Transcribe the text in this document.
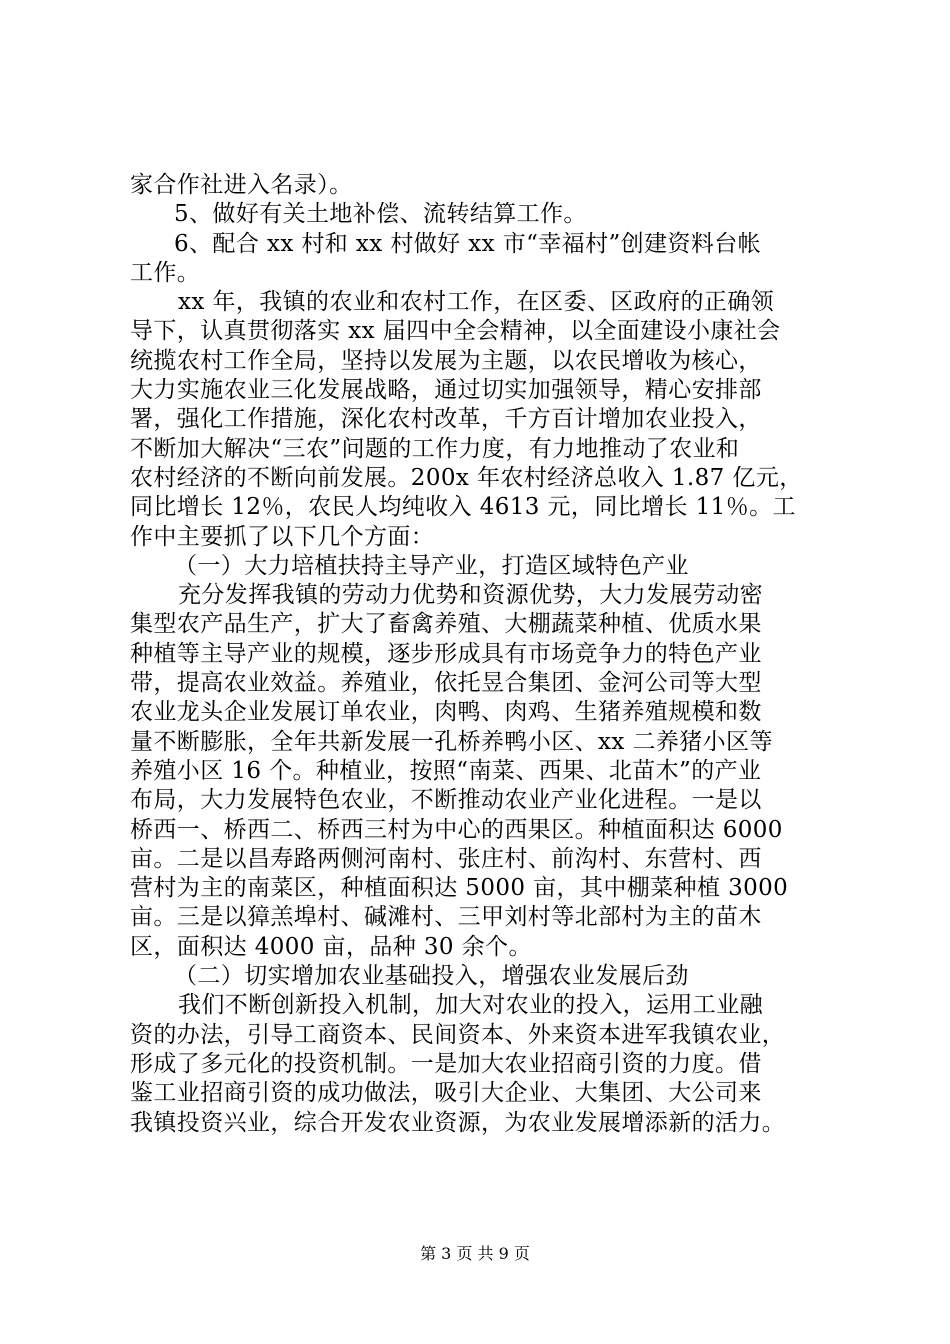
家合作社进入名录）。
5、做好有关土地补偿、流转结算工作。
6、配合 xx 村和 xx 村做好 xx 市“幸福村”创建资料台帐
工作。
xx 年，我镇的农业和农村工作，在区委、区政府的正确领
导下，认真贯彻落实 xx 届四中全会精神，以全面建设小康社会
统揽农村工作全局，坚持以发展为主题，以农民增收为核心，
大力实施农业三化发展战略，通过切实加强领导，精心安排部
署，强化工作措施，深化农村改革，千方百计增加农业投入，
不断加大解决“三农”问题的工作力度，有力地推动了农业和
农村经济的不断向前发展。200x 年农村经济总收入 1.87 亿元，
同比增长 12％，农民人均纯收入 4613 元，同比增长 11％。工
作中主要抓了以下几个方面：
（一）大力培植扶持主导产业，打造区域特色产业
充分发挥我镇的劳动力优势和资源优势，大力发展劳动密
集型农产品生产，扩大了畜禽养殖、大棚蔬菜种植、优质水果
种植等主导产业的规模，逐步形成具有市场竞争力的特色产业
带，提高农业效益。养殖业，依托昱合集团、金河公司等大型
农业龙头企业发展订单农业，肉鸭、肉鸡、生猪养殖规模和数
量不断膨胀，全年共新发展一孔桥养鸭小区、xx 二养猪小区等
养殖小区 16 个。种植业，按照“南菜、西果、北苗木”的产业
布局，大力发展特色农业，不断推动农业产业化进程。一是以
桥西一、桥西二、桥西三村为中心的西果区。种植面积达 6000
亩。二是以昌寿路两侧河南村、张庄村、前沟村、东营村、西
营村为主的南菜区，种植面积达 5000 亩，其中棚菜种植 3000
亩。三是以獐羔埠村、碱滩村、三甲刘村等北部村为主的苗木
区，面积达 4000 亩，品种 30 余个。
（二）切实增加农业基础投入，增强农业发展后劲
我们不断创新投入机制，加大对农业的投入，运用工业融
资的办法，引导工商资本、民间资本、外来资本进军我镇农业，
形成了多元化的投资机制。一是加大农业招商引资的力度。借
鉴工业招商引资的成功做法，吸引大企业、大集团、大公司来
我镇投资兴业，综合开发农业资源，为农业发展增添新的活力。
第 3 页 共 9 页
